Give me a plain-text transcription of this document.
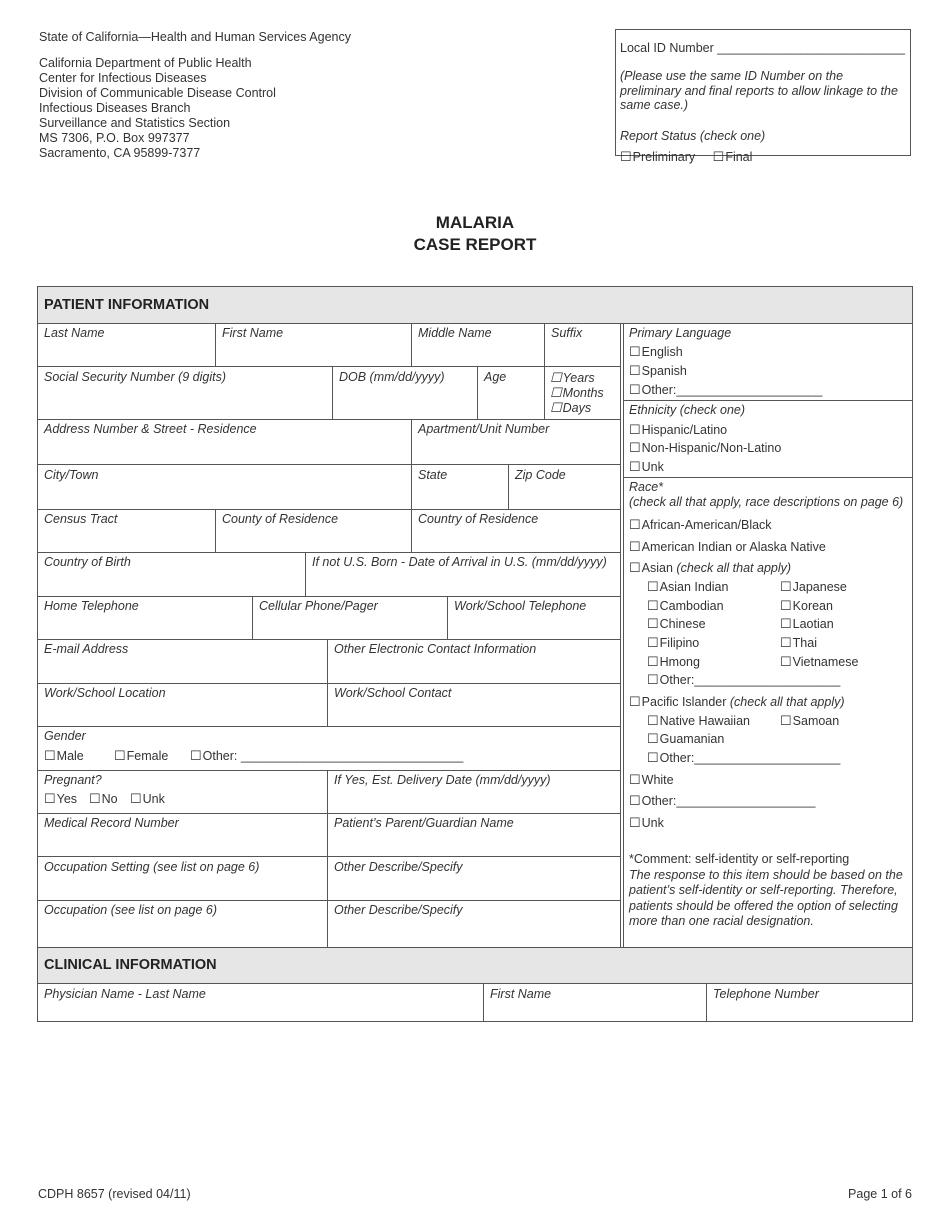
State of California—Health and Human Services Agency
California Department of Public Health
Center for Infectious Diseases
Division of Communicable Disease Control
Infectious Diseases Branch
Surveillance and Statistics Section
MS 7306, P.O. Box 997377
Sacramento, CA 95899-7377
Local ID Number ___________________________
(Please use the same ID Number on the preliminary and final reports to allow linkage to the same case.)
Report Status (check one)
☐Preliminary ☐Final
MALARIA
CASE REPORT
PATIENT INFORMATION
Last Name	First Name	Middle Name	Suffix
Social Security Number (9 digits)	DOB (mm/dd/yyyy)	Age	☐Years
☐Months
☐Days
Address Number & Street - Residence	Apartment/Unit Number
City/Town	State	Zip Code
Census Tract	County of Residence	Country of Residence
Country of Birth	If not U.S. Born - Date of Arrival in U.S. (mm/dd/yyyy)
Home Telephone	Cellular Phone/Pager	Work/School Telephone
E-mail Address	Other Electronic Contact Information
Work/School Location	Work/School Contact
Gender
☐Male ☐Female ☐Other: ________________________________
Pregnant?
☐Yes ☐No ☐Unk
If Yes, Est. Delivery Date (mm/dd/yyyy)
Medical Record Number	Patient’s Parent/Guardian Name
Occupation Setting (see list on page 6)	Other Describe/Specify
Occupation (see list on page 6)	Other Describe/Specify
Primary Language
☐English
☐Spanish
☐Other:_____________________
Ethnicity (check one)
☐Hispanic/Latino
☐Non-Hispanic/Non-Latino
☐Unk
Race*
(check all that apply, race descriptions on page 6)
☐African-American/Black
☐American Indian or Alaska Native
☐Asian (check all that apply)
☐Asian Indian	☐Japanese
☐Cambodian	☐Korean
☐Chinese	☐Laotian
☐Filipino	☐Thai
☐Hmong	☐Vietnamese
☐Other:_____________________
☐Pacific Islander (check all that apply)
☐Native Hawaiian ☐Samoan
☐Guamanian
☐Other:_____________________
☐White
☐Other:____________________
☐Unk
*Comment: self-identity or self-reporting
The response to this item should be based on the patient’s self-identity or self-reporting. Therefore, patients should be offered the option of selecting more than one racial designation.
CLINICAL INFORMATION
Physician Name - Last Name	First Name	Telephone Number
CDPH 8657 (revised 04/11)	Page 1 of 6
